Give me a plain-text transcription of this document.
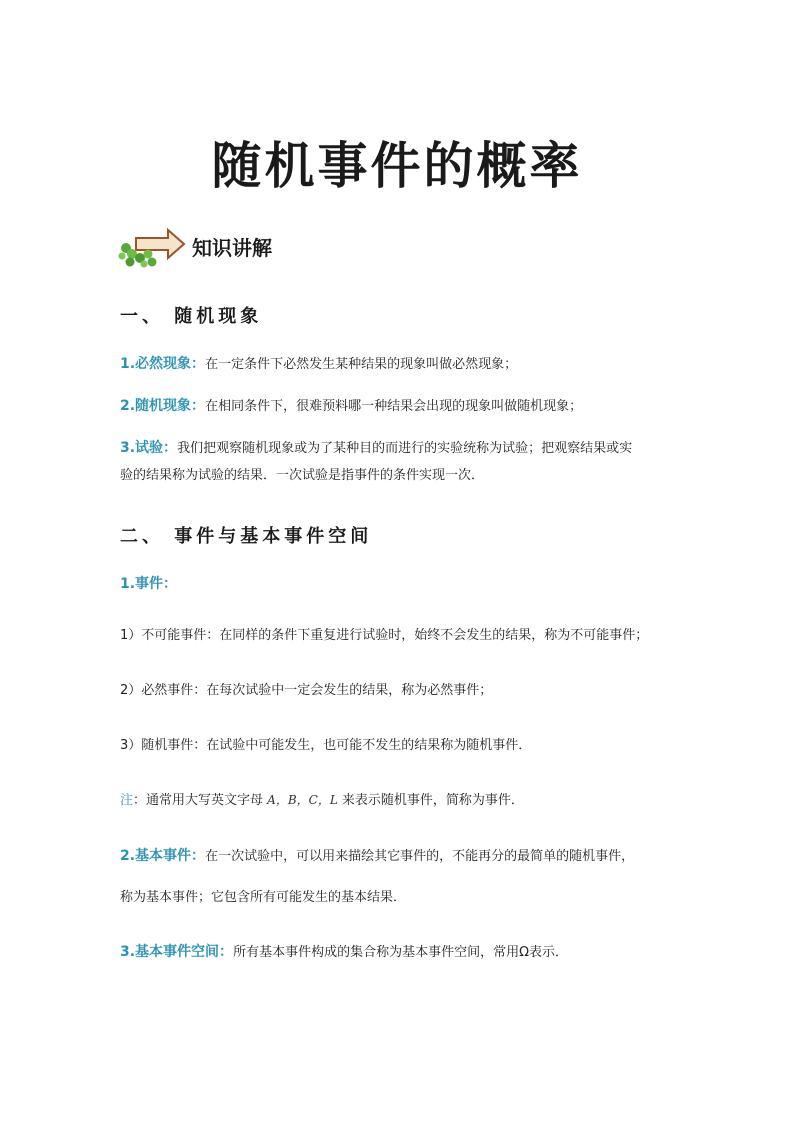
随机事件的概率
知识讲解
一、 随机现象
1.必然现象：在一定条件下必然发生某种结果的现象叫做必然现象；
2.随机现象：在相同条件下，很难预料哪一种结果会出现的现象叫做随机现象；
3.试验：我们把观察随机现象或为了某种目的而进行的实验统称为试验；把观察结果或实
验的结果称为试验的结果．一次试验是指事件的条件实现一次．
二、 事件与基本事件空间
1.事件：
1）不可能事件：在同样的条件下重复进行试验时，始终不会发生的结果，称为不可能事件；
2）必然事件：在每次试验中一定会发生的结果，称为必然事件；
3）随机事件：在试验中可能发生，也可能不发生的结果称为随机事件．
注：通常用大写英文字母 A，B，C，L 来表示随机事件，简称为事件．
2.基本事件：在一次试验中，可以用来描绘其它事件的，不能再分的最简单的随机事件，
称为基本事件；它包含所有可能发生的基本结果．
3.基本事件空间：所有基本事件构成的集合称为基本事件空间，常用Ω表示．
